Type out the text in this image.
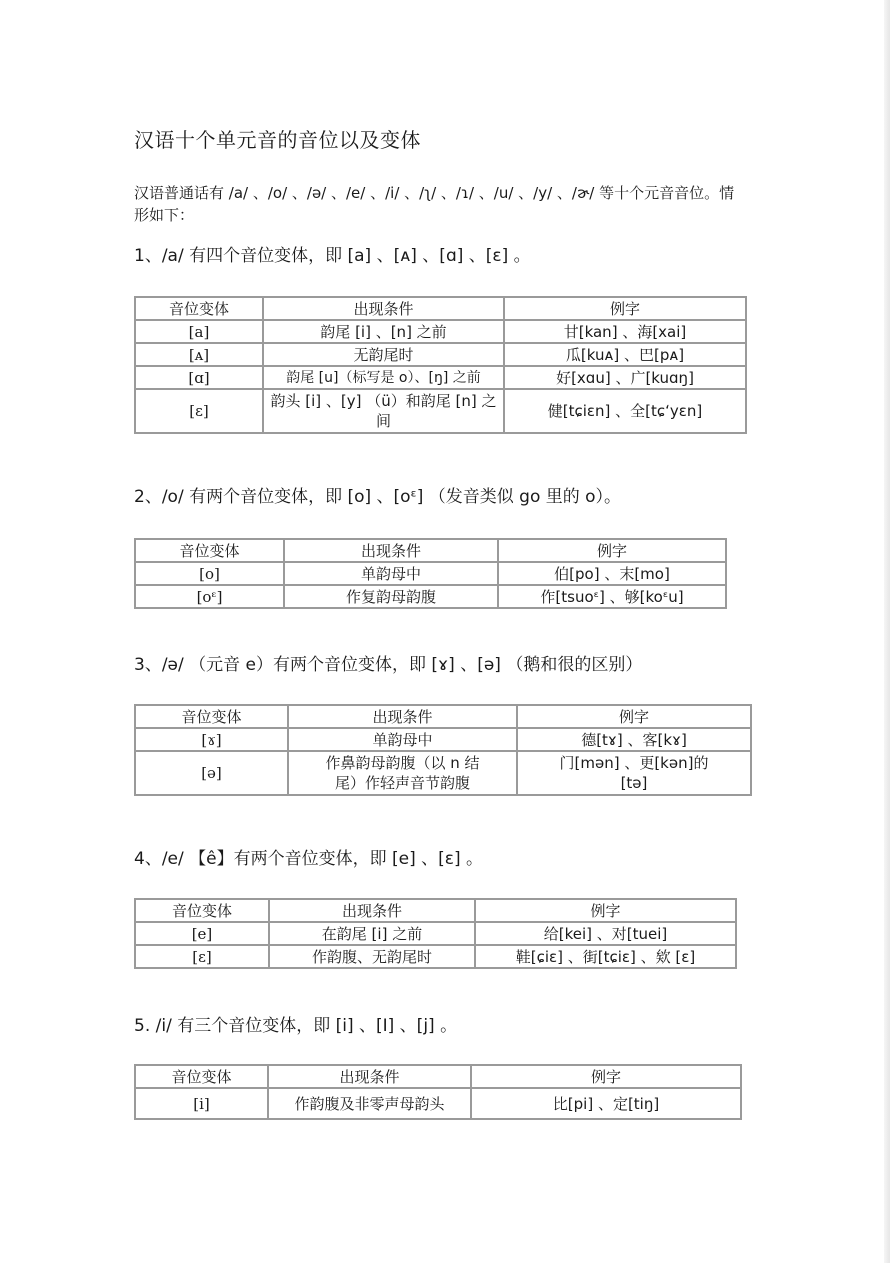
汉语十个单元音的音位以及变体
汉语普通话有 /a/ 、/o/ 、/ə/ 、/e/ 、/i/ 、/ʅ/ 、/ɿ/ 、/u/ 、/y/ 、/ɚ/ 等十个元音音位。情形如下：
1、/a/ 有四个音位变体，即 [a] 、[ᴀ] 、[ɑ] 、[ɛ] 。
音位变体	出现条件	例字
[a]	韵尾 [i] 、[n] 之前	甘[kan] 、海[xai]
[ᴀ]	无韵尾时	瓜[kuᴀ] 、巴[pᴀ]
[ɑ]	韵尾 [u]（标写是 o）、[ŋ] 之前	好[xɑu] 、广[kuɑŋ]
[ɛ]	韵头 [i] 、[y] （ü）和韵尾 [n] 之间	健[tɕiɛn] 、全[tɕʻyɛn]
2、/o/ 有两个音位变体，即 [o] 、[oᵋ] （发音类似 go 里的 o）。
音位变体	出现条件	例字
[o]	单韵母中	伯[po] 、末[mo]
[oᵋ]	作复韵母韵腹	作[tsuoᵋ] 、够[koᵋu]
3、/ə/ （元音 e）有两个音位变体，即 [ɤ] 、[ə] （鹅和很的区别）
音位变体	出现条件	例字
[ɤ]	单韵母中	德[tɤ] 、客[kɤ]
[ə]	作鼻韵母韵腹（以 n 结尾）作轻声音节韵腹	门[mən] 、更[kən]的[tə]
4、/e/ 【ê】有两个音位变体，即 [e] 、[ɛ] 。
音位变体	出现条件	例字
[e]	在韵尾 [i] 之前	给[kei] 、对[tuei]
[ɛ]	作韵腹、无韵尾时	鞋[ɕiɛ] 、街[tɕiɛ] 、欸 [ɛ]
5. /i/ 有三个音位变体，即 [i] 、[I] 、[j] 。
音位变体	出现条件	例字
[i]	作韵腹及非零声母韵头	比[pi] 、定[tiŋ]
